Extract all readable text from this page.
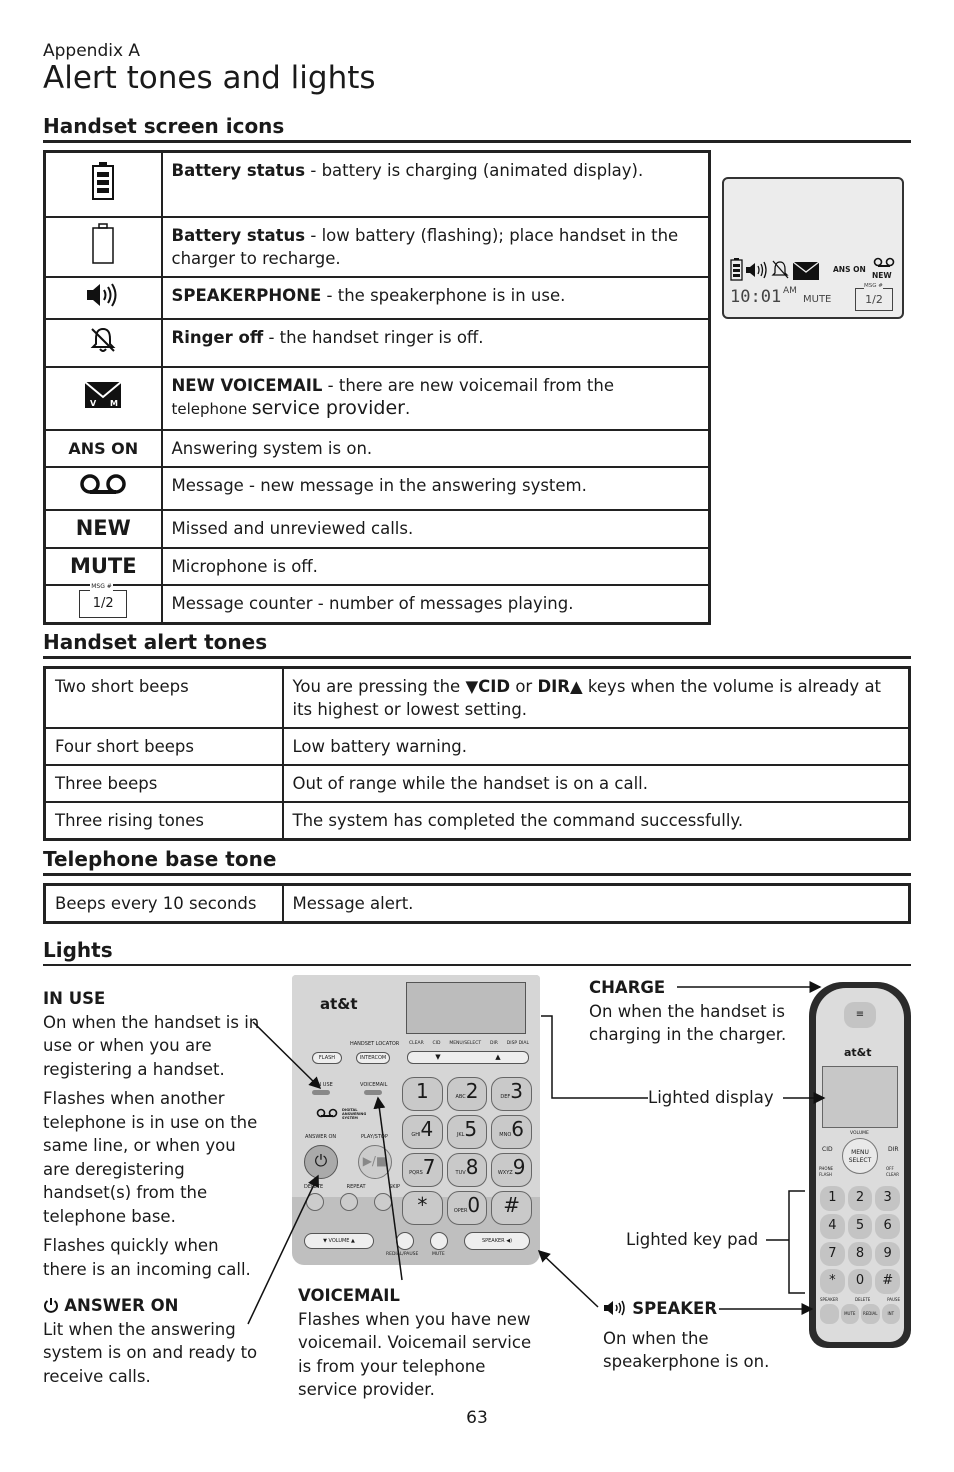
Appendix A
Alert tones and lights
Handset screen icons
	Battery status - battery is charging (animated display).
	Battery status - low battery (flashing); place handset in the charger to recharge.
	SPEAKERPHONE - the speakerphone is in use.
	Ringer off - the handset ringer is off.

V M	NEW VOICEMAIL - there are new voicemail from the
telephone service provider.
ANS ON	Answering system is on.
	Message - new message in the answering system.
NEW	Missed and unreviewed calls.
MUTE	Microphone is off.

MSG #
1/2	Message counter - number of messages playing.
ANS ON
NEW
10:01 AM
MUTE
MSG #
1/2
Handset alert tones
Two short beeps	You are pressing the ▼CID or DIR▲ keys when the volume is already at its highest or lowest setting.
Four short beeps	Low battery warning.
Three beeps	Out of range while the handset is on a call.
Three rising tones	The system has completed the command successfully.
Telephone base tone
Beeps every 10 seconds	Message alert.
Lights
IN USE
On when the handset is in use or when you are registering a handset.
Flashes when another telephone is in use on the same line, or when you are deregistering handset(s) from the telephone base.
Flashes quickly when there is an incoming call.
ANSWER ON
Lit when the answering system is on and ready to receive calls.
VOICEMAIL
Flashes when you have new voicemail. Voicemail service is from your telephone service provider.
CHARGE
On when the handset is charging in the charger.
Lighted display
Lighted key pad
SPEAKER
On when the speakerphone is on.
at&t
HANDSET LOCATOR CLEAR CID MENU/SELECT DIR DISP DIAL
FLASH	INTERCOM	▼	▲
IN USE	VOICEMAIL
DIGITAL ANSWERING SYSTEM
ANSWER ON	PLAY/STOP
⏻	▶/■
DELETE	REPEAT	SKIP
1	ABC2	DEF3
GHI4	JKL5	MNO6
PQRS7	TUV8	WXYZ9
*	OPER0	#
▼ VOLUME ▲
REDIAL/PAUSE	MUTE
SPEAKER ◀)
≡
at&t
VOLUME
CID	DIR
MENU
SELECT
PHONE FLASH
OFF CLEAR
1	2	3
4	5	6
7	8	9
*	0	#
SPEAKER	DELETE	PAUSE
MUTE	REDIAL	INT
63
